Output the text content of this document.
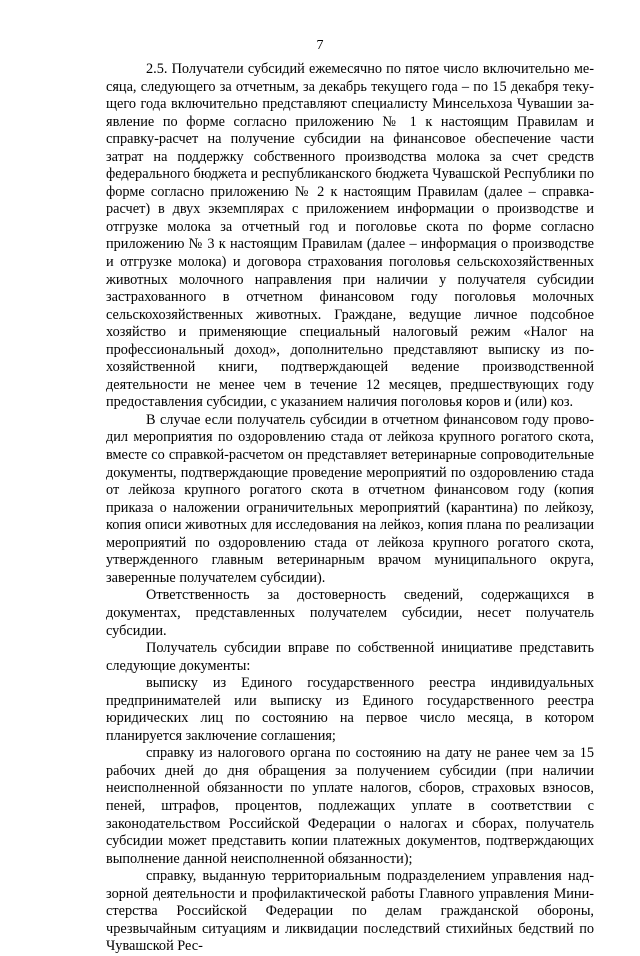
7

2.5. Получатели субсидий ежемесячно по пятое число включительно месяца, следующего за отчетным, за декабрь текущего года – по 15 декабря текущего года включительно представляют специалисту Минсельхоза Чувашии заявление по форме согласно приложению № 1 к настоящим Правилам и справку-расчет на получение субсидии на финансовое обеспечение части затрат на поддержку собственного производства молока за счет средств федерального бюджета и республиканского бюджета Чувашской Республики по форме согласно приложению № 2 к настоящим Правилам (далее – справка-расчет) в двух экземплярах с приложением информации о производстве и отгрузке молока за отчетный год и поголовье скота по форме согласно приложению № 3 к настоящим Правилам (далее – информация о производстве и отгрузке молока) и договора страхования поголовья сельскохозяйственных животных молочного направления при наличии у получателя субсидии застрахованного в отчетном финансовом году поголовья молочных сельскохозяйственных животных. Граждане, ведущие личное подсобное хозяйство и применяющие специальный налоговый режим «Налог на профессиональный доход», дополнительно представляют выписку из похозяйственной книги, подтверждающей ведение производственной деятельности не менее чем в течение 12 месяцев, предшествующих году предоставления субсидии, с указанием наличия поголовья коров и (или) коз.

В случае если получатель субсидии в отчетном финансовом году проводил мероприятия по оздоровлению стада от лейкоза крупного рогатого скота, вместе со справкой-расчетом он представляет ветеринарные сопроводительные документы, подтверждающие проведение мероприятий по оздоровлению стада от лейкоза крупного рогатого скота в отчетном финансовом году (копия приказа о наложении ограничительных мероприятий (карантина) по лейкозу, копия описи животных для исследования на лейкоз, копия плана по реализации мероприятий по оздоровлению стада от лейкоза крупного рогатого скота, утвержденного главным ветеринарным врачом муниципального округа, заверенные получателем субсидии).

Ответственность за достоверность сведений, содержащихся в документах, представленных получателем субсидии, несет получатель субсидии.

Получатель субсидии вправе по собственной инициативе представить следующие документы:

выписку из Единого государственного реестра индивидуальных предпринимателей или выписку из Единого государственного реестра юридических лиц по состоянию на первое число месяца, в котором планируется заключение соглашения;

справку из налогового органа по состоянию на дату не ранее чем за 15 рабочих дней до дня обращения за получением субсидии (при наличии неисполненной обязанности по уплате налогов, сборов, страховых взносов, пеней, штрафов, процентов, подлежащих уплате в соответствии с законодательством Российской Федерации о налогах и сборах, получатель субсидии может представить копии платежных документов, подтверждающих выполнение данной неисполненной обязанности);

справку, выданную территориальным подразделением управления надзорной деятельности и профилактической работы Главного управления Министерства Российской Федерации по делам гражданской обороны, чрезвычайным ситуациям и ликвидации последствий стихийных бедствий по Чувашской Рес-
